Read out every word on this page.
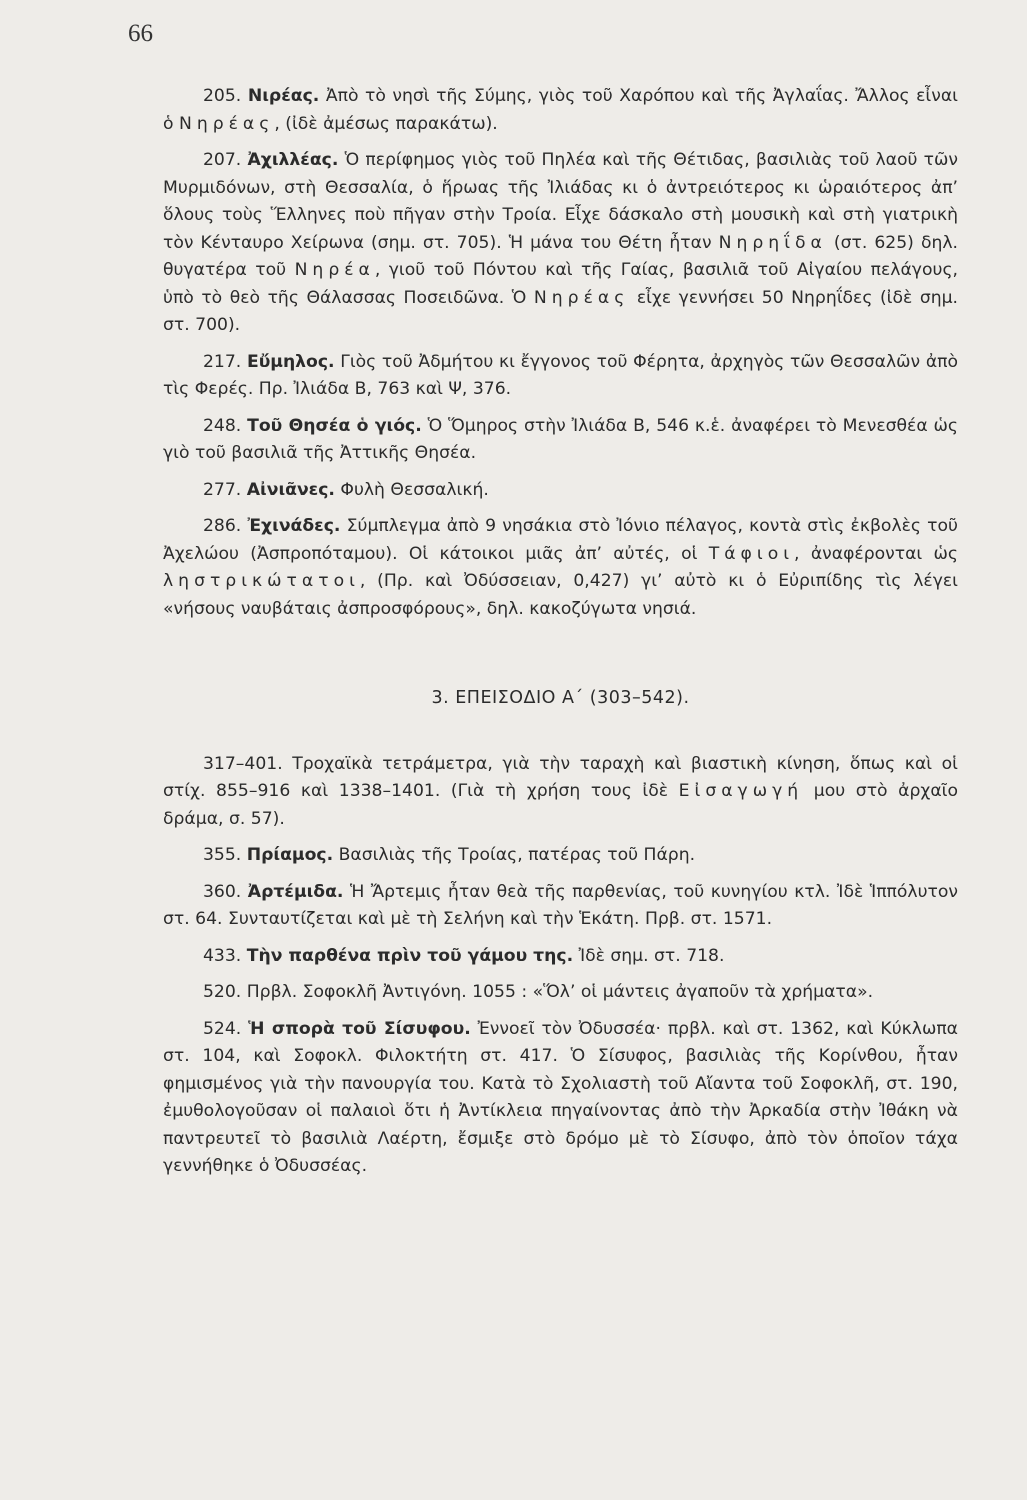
66

205. Νιρέας. Ἀπὸ τὸ νησὶ τῆς Σύμης, γιὸς τοῦ Χαρόπου καὶ τῆς Ἀγλαΐας. Ἄλλος εἶναι ὁ Νηρέας, (ἰδὲ ἀμέσως παρακάτω).

207. Ἀχιλλέας. Ὁ περίφημος γιὸς τοῦ Πηλέα καὶ τῆς Θέτιδας, βασιλιὰς τοῦ λαοῦ τῶν Μυρμιδόνων, στὴ Θεσσαλία, ὁ ἥρωας τῆς Ἰλιάδας κι ὁ ἀντρειότερος κι ὡραιότερος ἀπ’ ὅλους τοὺς Ἕλληνες ποὺ πῆγαν στὴν Τροία. Εἶχε δάσκαλο στὴ μουσικὴ καὶ στὴ γιατρικὴ τὸν Κένταυρο Χείρωνα (σημ. στ. 705). Ἡ μάνα του Θέτη ἦταν Νηρηΐδα (στ. 625) δηλ. θυγατέρα τοῦ Νηρέα, γιοῦ τοῦ Πόντου καὶ τῆς Γαίας, βασιλιᾶ τοῦ Αἰγαίου πελάγους, ὑπὸ τὸ θεὸ τῆς Θάλασσας Ποσειδῶνα. Ὁ Νηρέας εἶχε γεννήσει 50 Νηρηΐδες (ἰδὲ σημ. στ. 700).

217. Εὔμηλος. Γιὸς τοῦ Ἀδμήτου κι ἔγγονος τοῦ Φέρητα, ἀρχηγὸς τῶν Θεσσαλῶν ἀπὸ τὶς Φερές. Πρ. Ἰλιάδα Β, 763 καὶ Ψ, 376.

248. Τοῦ Θησέα ὁ γιός. Ὁ Ὅμηρος στὴν Ἰλιάδα Β, 546 κ.ἑ. ἀναφέρει τὸ Μενεσθέα ὡς γιὸ τοῦ βασιλιᾶ τῆς Ἀττικῆς Θησέα.

277. Αἰνιᾶνες. Φυλὴ Θεσσαλική.

286. Ἐχινάδες. Σύμπλεγμα ἀπὸ 9 νησάκια στὸ Ἰόνιο πέλαγος, κοντὰ στὶς ἐκβολὲς τοῦ Ἀχελώου (Ἀσπροπόταμου). Οἱ κάτοικοι μιᾶς ἀπ’ αὐτές, οἱ Τάφιοι, ἀναφέρονται ὡς ληστρικώτατοι, (Πρ. καὶ Ὀδύσσειαν, 0,427) γι’ αὐτὸ κι ὁ Εὐριπίδης τὶς λέγει «νήσους ναυβάταις ἀσπροσφόρους», δηλ. κακοζύγωτα νησιά.

3. ΕΠΕΙΣΟΔΙΟ Α΄ (303–542).

317–401. Τροχαϊκὰ τετράμετρα, γιὰ τὴν ταραχὴ καὶ βιαστικὴ κίνηση, ὅπως καὶ οἱ στίχ. 855–916 καὶ 1338–1401. (Γιὰ τὴ χρήση τους ἰδὲ Εἰσαγωγή μου στὸ ἀρχαῖο δράμα, σ. 57).

355. Πρίαμος. Βασιλιὰς τῆς Τροίας, πατέρας τοῦ Πάρη.

360. Ἀρτέμιδα. Ἡ Ἄρτεμις ἦταν θεὰ τῆς παρθενίας, τοῦ κυνηγίου κτλ. Ἰδὲ Ἱππόλυτον στ. 64. Συνταυτίζεται καὶ μὲ τὴ Σελήνη καὶ τὴν Ἑκάτη. Πρβ. στ. 1571.

433. Τὴν παρθένα πρὶν τοῦ γάμου της. Ἰδὲ σημ. στ. 718.

520. Πρβλ. Σοφοκλῆ Ἀντιγόνη. 1055 : «Ὅλ’ οἱ μάντεις ἀγαποῦν τὰ χρήματα».

524. Ἡ σπορὰ τοῦ Σίσυφου. Ἐννοεῖ τὸν Ὀδυσσέα· πρβλ. καὶ στ. 1362, καὶ Κύκλωπα στ. 104, καὶ Σοφοκλ. Φιλοκτήτη στ. 417. Ὁ Σίσυφος, βασιλιὰς τῆς Κορίνθου, ἦταν φημισμένος γιὰ τὴν πανουργία του. Κατὰ τὸ Σχολιαστὴ τοῦ Αἴαντα τοῦ Σοφοκλῆ, στ. 190, ἐμυθολογοῦσαν οἱ παλαιοὶ ὅτι ἡ Ἀντίκλεια πηγαίνοντας ἀπὸ τὴν Ἀρκαδία στὴν Ἰθάκη νὰ παντρευτεῖ τὸ βασιλιὰ Λαέρτη, ἔσμιξε στὸ δρόμο μὲ τὸ Σίσυφο, ἀπὸ τὸν ὁποῖον τάχα γεννήθηκε ὁ Ὀδυσσέας.
